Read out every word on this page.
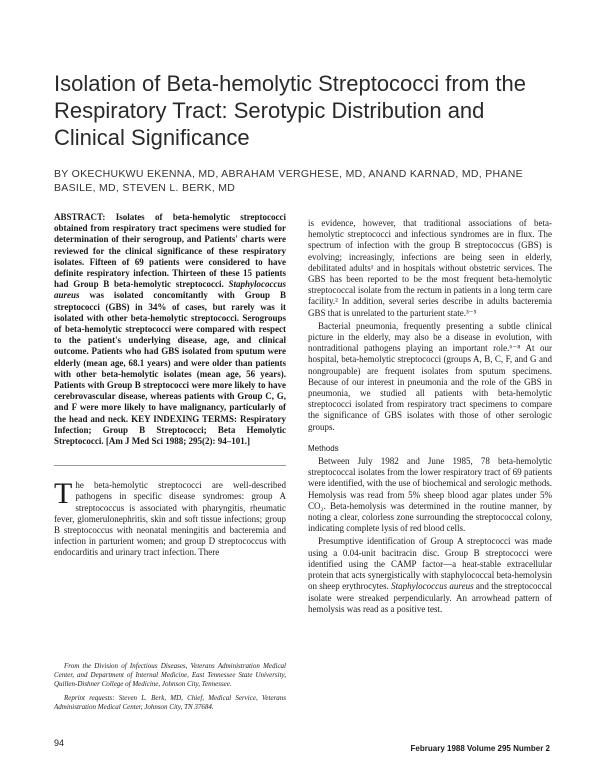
Isolation of Beta-hemolytic Streptococci from the Respiratory Tract: Serotypic Distribution and Clinical Significance
BY OKECHUKWU EKENNA, MD, ABRAHAM VERGHESE, MD, ANAND KARNAD, MD, PHANE BASILE, MD, STEVEN L. BERK, MD

ABSTRACT: Isolates of beta-hemolytic streptococci obtained from respiratory tract specimens were studied for determination of their serogroup, and Patients' charts were reviewed for the clinical significance of these respiratory isolates. Fifteen of 69 patients were considered to have definite respiratory infection. Thirteen of these 15 patients had Group B beta-hemolytic streptococci. Staphylococcus aureus was isolated concomitantly with Group B streptococci (GBS) in 34% of cases, but rarely was it isolated with other beta-hemolytic streptococci. Serogroups of beta-hemolytic streptococci were compared with respect to the patient's underlying disease, age, and clinical outcome. Patients who had GBS isolated from sputum were elderly (mean age, 68.1 years) and were older than patients with other beta-hemolytic isolates (mean age, 56 years). Patients with Group B streptococci were more likely to have cerebrovascular disease, whereas patients with Group C, G, and F were more likely to have malignancy, particularly of the head and neck. KEY INDEXING TERMS: Respiratory Infection; Group B Streptococci; Beta Hemolytic Streptococci. [Am J Med Sci 1988; 295(2): 94–101.]

The beta-hemolytic streptococci are well-described pathogens in specific disease syndromes: group A streptococcus is associated with pharyngitis, rheumatic fever, glomerulonephritis, skin and soft tissue infections; group B streptococcus with neonatal meningitis and bacteremia and infection in parturient women; and group D streptococcus with endocarditis and urinary tract infection. There

From the Division of Infectious Diseases, Veterans Administration Medical Center, and Department of Internal Medicine, East Tennessee State University, Quillen-Dishner College of Medicine, Johnson City, Tennessee.

Reprint requests: Steven L. Berk, MD, Chief, Medical Service, Veterans Administration Medical Center, Johnson City, TN 37684.

is evidence, however, that traditional associations of beta-hemolytic streptococci and infectious syndromes are in flux. The spectrum of infection with the group B streptococcus (GBS) is evolving; increasingly, infections are being seen in elderly, debilitated adults¹ and in hospitals without obstetric services. The GBS has been reported to be the most frequent beta-hemolytic streptococcal isolate from the rectum in patients in a long term care facility.² In addition, several series describe in adults bacteremia GBS that is unrelated to the parturient state.³⁻⁵

Bacterial pneumonia, frequently presenting a subtle clinical picture in the elderly, may also be a disease in evolution, with nontraditional pathogens playing an important role.⁶⁻⁸ At our hospital, beta-hemolytic streptococci (groups A, B, C, F, and G and nongroupable) are frequent isolates from sputum specimens. Because of our interest in pneumonia and the role of the GBS in pneumonia, we studied all patients with beta-hemolytic streptococci isolated from respiratory tract specimens to compare the significance of GBS isolates with those of other serologic groups.

Methods

Between July 1982 and June 1985, 78 beta-hemolytic streptococcal isolates from the lower respiratory tract of 69 patients were identified, with the use of biochemical and serologic methods. Hemolysis was read from 5% sheep blood agar plates under 5% CO₂. Beta-hemolysis was determined in the routine manner, by noting a clear, colorless zone surrounding the streptococcal colony, indicating complete lysis of red blood cells.

Presumptive identification of Group A streptococci was made using a 0.04-unit bacitracin disc. Group B streptococci were identified using the CAMP factor—a heat-stable extracellular protein that acts synergistically with staphylococcal beta-hemolysin on sheep erythrocytes. Staphylococcus aureus and the streptococcal isolate were streaked perpendicularly. An arrowhead pattern of hemolysis was read as a positive test.

94
February 1988 Volume 295 Number 2
